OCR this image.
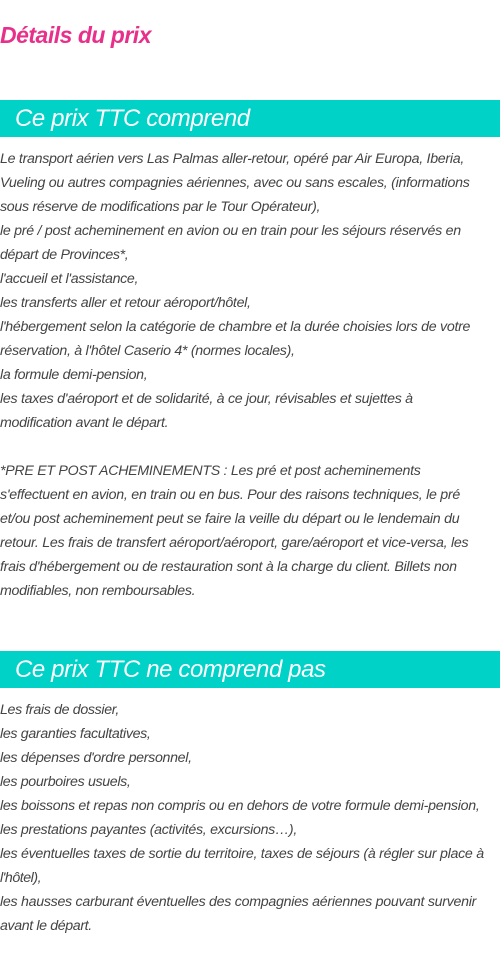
Détails du prix
Ce prix TTC comprend
Le transport aérien vers Las Palmas aller-retour, opéré par Air Europa, Iberia,
Vueling ou autres compagnies aériennes, avec ou sans escales, (informations
sous réserve de modifications par le Tour Opérateur),
le pré / post acheminement en avion ou en train pour les séjours réservés en
départ de Provinces*,
l'accueil et l'assistance,
les transferts aller et retour aéroport/hôtel,
l'hébergement selon la catégorie de chambre et la durée choisies lors de votre
réservation, à l'hôtel Caserio 4* (normes locales),
la formule demi-pension,
les taxes d'aéroport et de solidarité, à ce jour, révisables et sujettes à
modification avant le départ.
*PRE ET POST ACHEMINEMENTS : Les pré et post acheminements
s'effectuent en avion, en train ou en bus. Pour des raisons techniques, le pré
et/ou post acheminement peut se faire la veille du départ ou le lendemain du
retour. Les frais de transfert aéroport/aéroport, gare/aéroport et vice-versa, les
frais d'hébergement ou de restauration sont à la charge du client. Billets non
modifiables, non remboursables.
Ce prix TTC ne comprend pas
Les frais de dossier,
les garanties facultatives,
les dépenses d'ordre personnel,
les pourboires usuels,
les boissons et repas non compris ou en dehors de votre formule demi-pension,
les prestations payantes (activités, excursions…),
les éventuelles taxes de sortie du territoire, taxes de séjours (à régler sur place à
l'hôtel),
les hausses carburant éventuelles des compagnies aériennes pouvant survenir
avant le départ.
